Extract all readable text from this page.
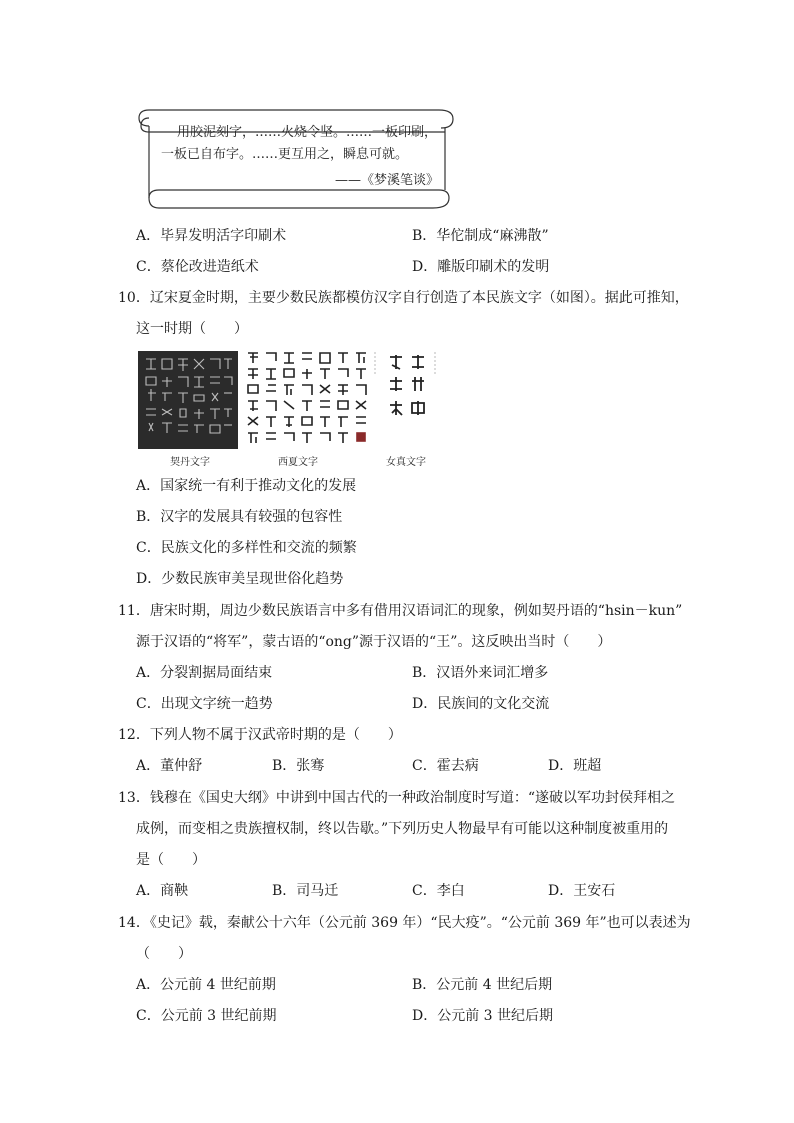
用胶泥刻字，……火烧令坚。……一板印刷，
一板已自布字。……更互用之，瞬息可就。
——《梦溪笔谈》
A．毕昇发明活字印刷术	B．华佗制成“麻沸散”
C．蔡伦改进造纸术	D．雕版印刷术的发明
10．辽宋夏金时期，主要少数民族都模仿汉字自行创造了本民族文字（如图）。据此可推知，
这一时期（　　）
契丹文字	西夏文字	女真文字
A．国家统一有利于推动文化的发展
B．汉字的发展具有较强的包容性
C．民族文化的多样性和交流的频繁
D．少数民族审美呈现世俗化趋势
11．唐宋时期，周边少数民族语言中多有借用汉语词汇的现象，例如契丹语的“hsin－kun”
源于汉语的“将军”，蒙古语的“ong”源于汉语的“王”。这反映出当时（　　）
A．分裂割据局面结束	B．汉语外来词汇增多
C．出现文字统一趋势	D．民族间的文化交流
12．下列人物不属于汉武帝时期的是（　　）
A．董仲舒	B．张骞	C．霍去病	D．班超
13．钱穆在《国史大纲》中讲到中国古代的一种政治制度时写道：“遂破以军功封侯拜相之
成例，而变相之贵族擅权制，终以告歇。”下列历史人物最早有可能以这种制度被重用的
是（　　）
A．商鞅	B．司马迁	C．李白	D．王安石
14．《史记》载，秦献公十六年（公元前 369 年）“民大疫”。“公元前 369 年”也可以表述为
（　　）
A．公元前 4 世纪前期	B．公元前 4 世纪后期
C．公元前 3 世纪前期	D．公元前 3 世纪后期
